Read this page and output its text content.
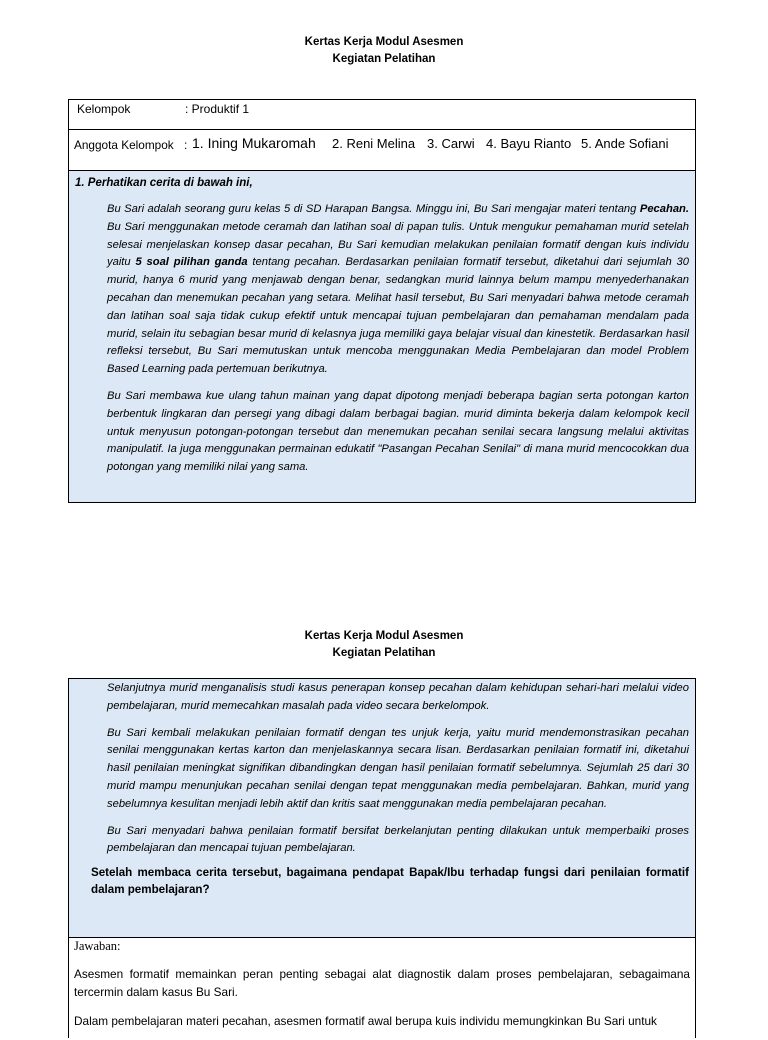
Kertas Kerja Modul Asesmen
Kegiatan Pelatihan
Kelompok	: Produktif 1
Anggota Kelompok : 1. Ining Mukaromah 2. Reni Melina 3. Carwi 4. Bayu Rianto 5. Ande Sofiani
1. Perhatikan cerita di bawah ini,

Bu Sari adalah seorang guru kelas 5 di SD Harapan Bangsa. Minggu ini, Bu Sari mengajar materi tentang Pecahan. Bu Sari menggunakan metode ceramah dan latihan soal di papan tulis. Untuk mengukur pemahaman murid setelah selesai menjelaskan konsep dasar pecahan, Bu Sari kemudian melakukan penilaian formatif dengan kuis individu yaitu 5 soal pilihan ganda tentang pecahan. Berdasarkan penilaian formatif tersebut, diketahui dari sejumlah 30 murid, hanya 6 murid yang menjawab dengan benar, sedangkan murid lainnya belum mampu menyederhanakan pecahan dan menemukan pecahan yang setara. Melihat hasil tersebut, Bu Sari menyadari bahwa metode ceramah dan latihan soal saja tidak cukup efektif untuk mencapai tujuan pembelajaran dan pemahaman mendalam pada murid, selain itu sebagian besar murid di kelasnya juga memiliki gaya belajar visual dan kinestetik. Berdasarkan hasil refleksi tersebut, Bu Sari memutuskan untuk mencoba menggunakan Media Pembelajaran dan model Problem Based Learning pada pertemuan berikutnya.

Bu Sari membawa kue ulang tahun mainan yang dapat dipotong menjadi beberapa bagian serta potongan karton berbentuk lingkaran dan persegi yang dibagi dalam berbagai bagian. murid diminta bekerja dalam kelompok kecil untuk menyusun potongan-potongan tersebut dan menemukan pecahan senilai secara langsung melalui aktivitas manipulatif. Ia juga menggunakan permainan edukatif "Pasangan Pecahan Senilai" di mana murid mencocokkan dua potongan yang memiliki nilai yang sama.

Kertas Kerja Modul Asesmen
Kegiatan Pelatihan

Selanjutnya murid menganalisis studi kasus penerapan konsep pecahan dalam kehidupan sehari-hari melalui video pembelajaran, murid memecahkan masalah pada video secara berkelompok.

Bu Sari kembali melakukan penilaian formatif dengan tes unjuk kerja, yaitu murid mendemonstrasikan pecahan senilai menggunakan kertas karton dan menjelaskannya secara lisan. Berdasarkan penilaian formatif ini, diketahui hasil penilaian meningkat signifikan dibandingkan dengan hasil penilaian formatif sebelumnya. Sejumlah 25 dari 30 murid mampu menunjukan pecahan senilai dengan tepat menggunakan media pembelajaran. Bahkan, murid yang sebelumnya kesulitan menjadi lebih aktif dan kritis saat menggunakan media pembelajaran pecahan.

Bu Sari menyadari bahwa penilaian formatif bersifat berkelanjutan penting dilakukan untuk memperbaiki proses pembelajaran dan mencapai tujuan pembelajaran.

Setelah membaca cerita tersebut, bagaimana pendapat Bapak/Ibu terhadap fungsi dari penilaian formatif dalam pembelajaran?
Jawaban:

Asesmen formatif memainkan peran penting sebagai alat diagnostik dalam proses pembelajaran, sebagaimana tercermin dalam kasus Bu Sari.

Dalam pembelajaran materi pecahan, asesmen formatif awal berupa kuis individu memungkinkan Bu Sari untuk
